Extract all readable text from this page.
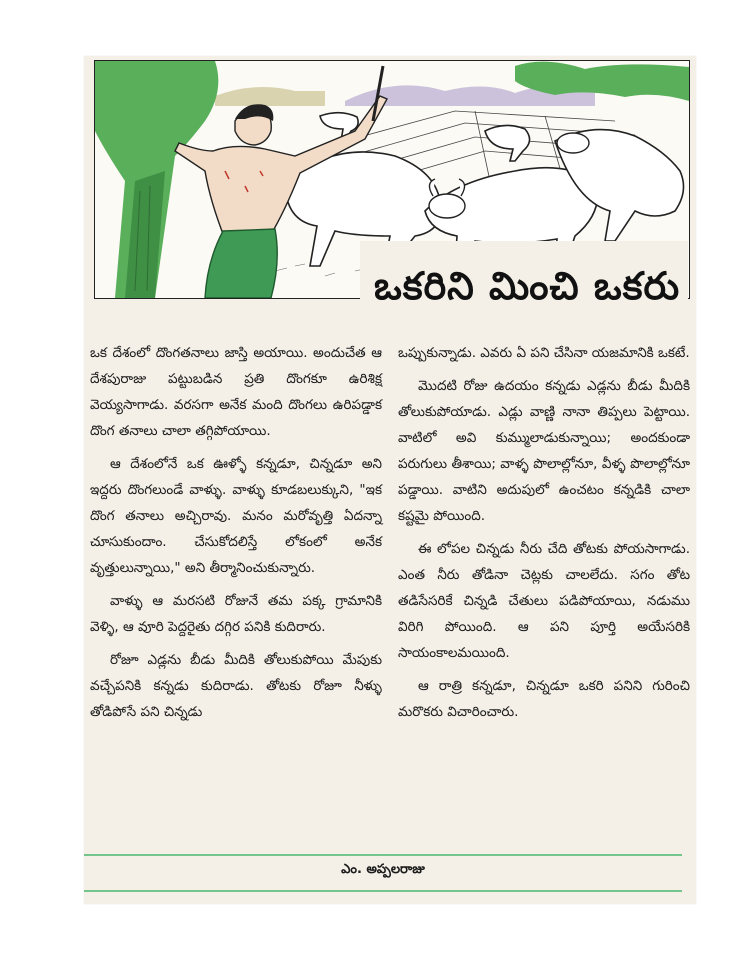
ఒకరిని మించి ఒకరు

ఒక దేశంలో దొంగతనాలు జాస్తి అయాయి. అందుచేత ఆ దేశపురాజు పట్టుబడిన ప్రతి దొంగకూ ఉరిశిక్ష వెయ్యసాగాడు. వరసగా అనేక మంది దొంగలు ఉరిపడ్డాక దొంగ తనాలు చాలా తగ్గిపోయాయి.

ఆ దేశంలోనే ఒక ఊళ్ళో కన్నడూ, చిన్నడూ అని ఇద్దరు దొంగలుండే వాళ్ళు. వాళ్ళు కూడబలుక్కుని, "ఇక దొంగ తనాలు అచ్చిరావు. మనం మరోవృత్తి ఏదన్నా చూసుకుందాం. చేసుకోదలిస్తే లోకంలో అనేక వృత్తులున్నాయి," అని తీర్మానించుకున్నారు.

వాళ్ళు ఆ మరసటి రోజునే తమ పక్క గ్రామానికి వెళ్ళి, ఆ వూరి పెద్దరైతు దగ్గిర పనికి కుదిరారు.

రోజూ ఎడ్లను బీడు మీదికి తోలుకుపోయి మేపుకు వచ్చేపనికి కన్నడు కుదిరాడు. తోటకు రోజూ నీళ్ళు తోడిపోసే పని చిన్నడు

ఒప్పుకున్నాడు. ఎవరు ఏ పని చేసినా యజమానికి ఒకటే.

మొదటి రోజు ఉదయం కన్నడు ఎడ్లను బీడు మీదికి తోలుకుపోయాడు. ఎడ్లు వాణ్ణి నానా తిప్పలు పెట్టాయి. వాటిలో అవి కుమ్ములాడుకున్నాయి; అందకుండా పరుగులు తీశాయి; వాళ్ళ పొలాల్లోనూ, వీళ్ళ పొలాల్లోనూ పడ్డాయి. వాటిని అదుపులో ఉంచటం కన్నడికి చాలా కష్టమై పోయింది.

ఈ లోపల చిన్నడు నీరు చేది తోటకు పోయసాగాడు. ఎంత నీరు తోడినా చెట్లకు చాలలేదు. సగం తోట తడిసేసరికే చిన్నడి చేతులు పడిపోయాయి, నడుము విరిగి పోయింది. ఆ పని పూర్తి అయేసరికి సాయంకాలమయింది.

ఆ రాత్రి కన్నడూ, చిన్నడూ ఒకరి పనిని గురించి మరొకరు విచారించారు.

ఎం. అప్పలరాజు
